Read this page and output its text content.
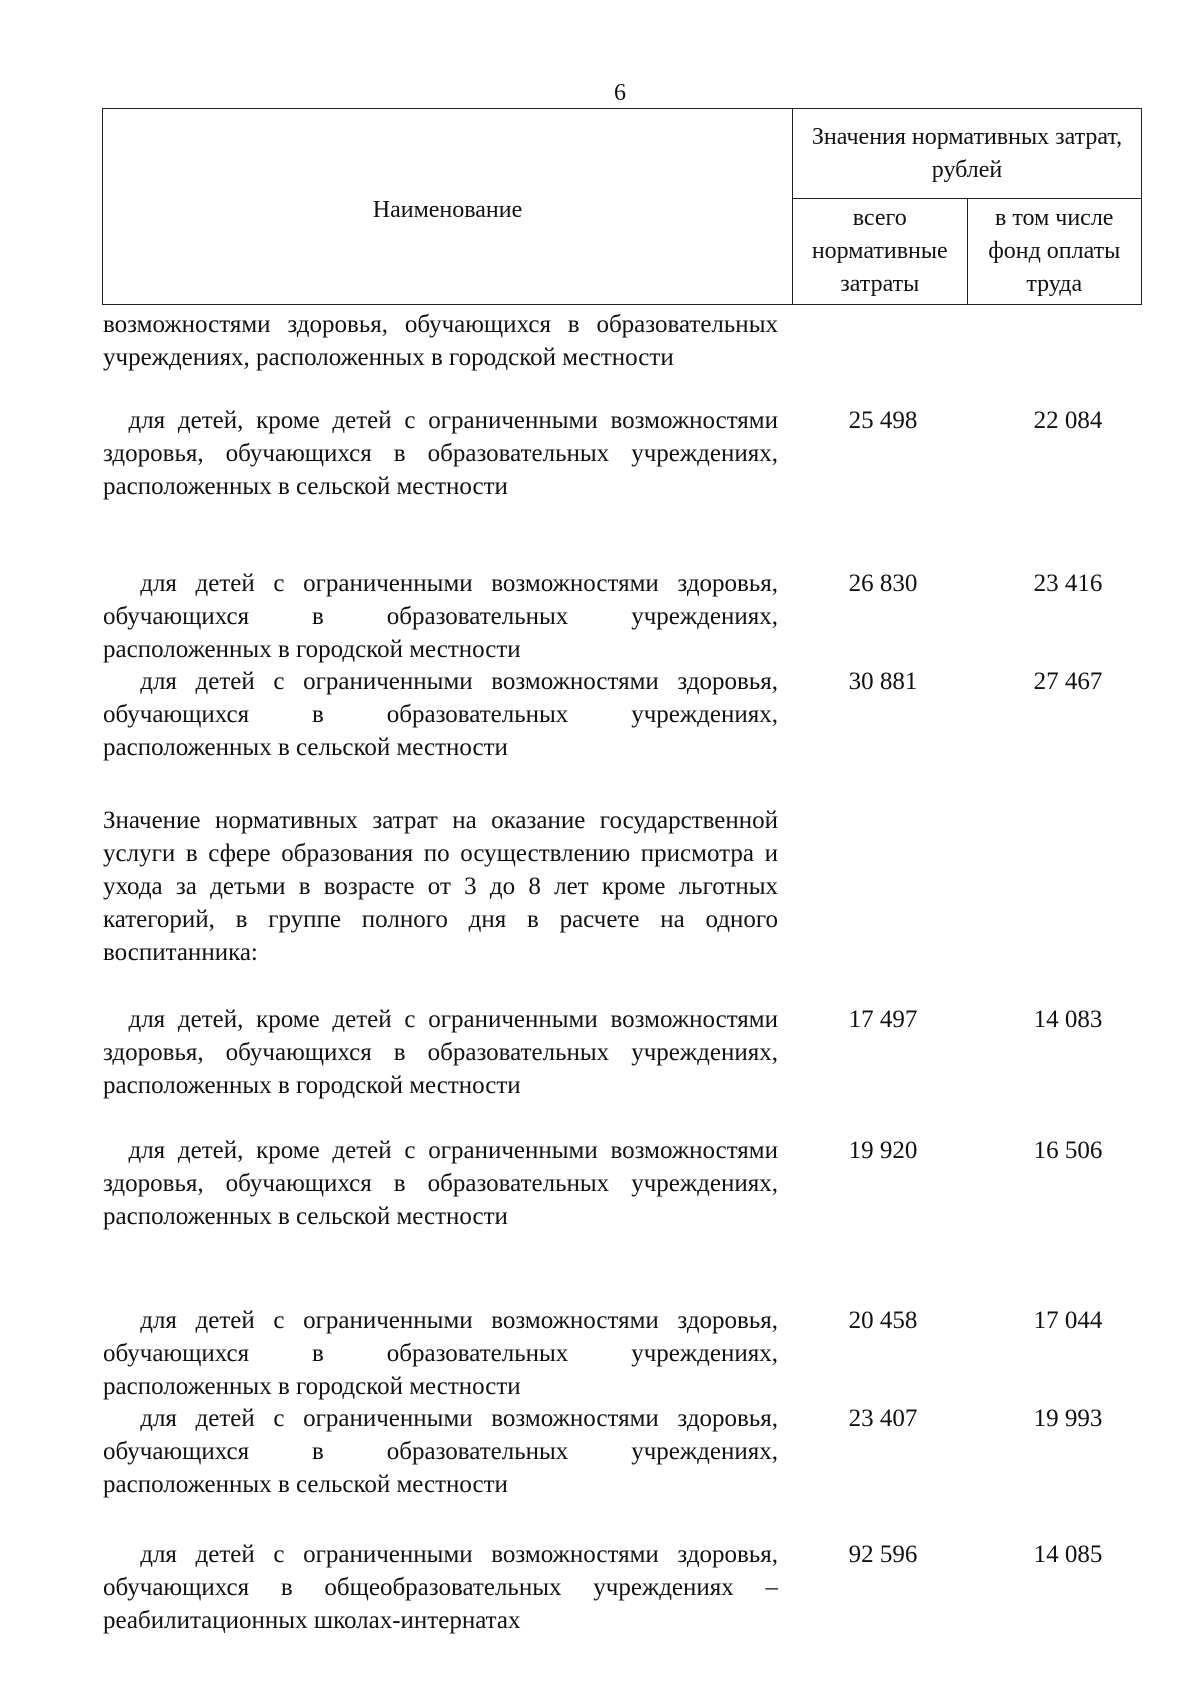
6
Наименование	Значения нормативных затрат, рублей	
	всего нормативные затраты	в том числе фонд оплаты труда
возможностями здоровья, обучающихся в образовательных учреждениях, расположенных в городской местности
для детей, кроме детей с ограниченными возможностями здоровья, обучающихся в образовательных учреждениях, расположенных в сельской местности
25 498	22 084
для детей с ограниченными возможностями здоровья, обучающихся в образовательных учреждениях, расположенных в городской местности
26 830	23 416
для детей с ограниченными возможностями здоровья, обучающихся в образовательных учреждениях, расположенных в сельской местности
30 881	27 467
Значение нормативных затрат на оказание государственной услуги в сфере образования по осуществлению присмотра и ухода за детьми в возрасте от 3 до 8 лет кроме льготных категорий, в группе полного дня в расчете на одного воспитанника:
для детей, кроме детей с ограниченными возможностями здоровья, обучающихся в образовательных учреждениях, расположенных в городской местности
17 497	14 083
для детей, кроме детей с ограниченными возможностями здоровья, обучающихся в образовательных учреждениях, расположенных в сельской местности
19 920	16 506
для детей с ограниченными возможностями здоровья, обучающихся в образовательных учреждениях, расположенных в городской местности
20 458	17 044
для детей с ограниченными возможностями здоровья, обучающихся в образовательных учреждениях, расположенных в сельской местности
23 407	19 993
для детей с ограниченными возможностями здоровья, обучающихся в общеобразовательных учреждениях – реабилитационных школах-интернатах
92 596	14 085
